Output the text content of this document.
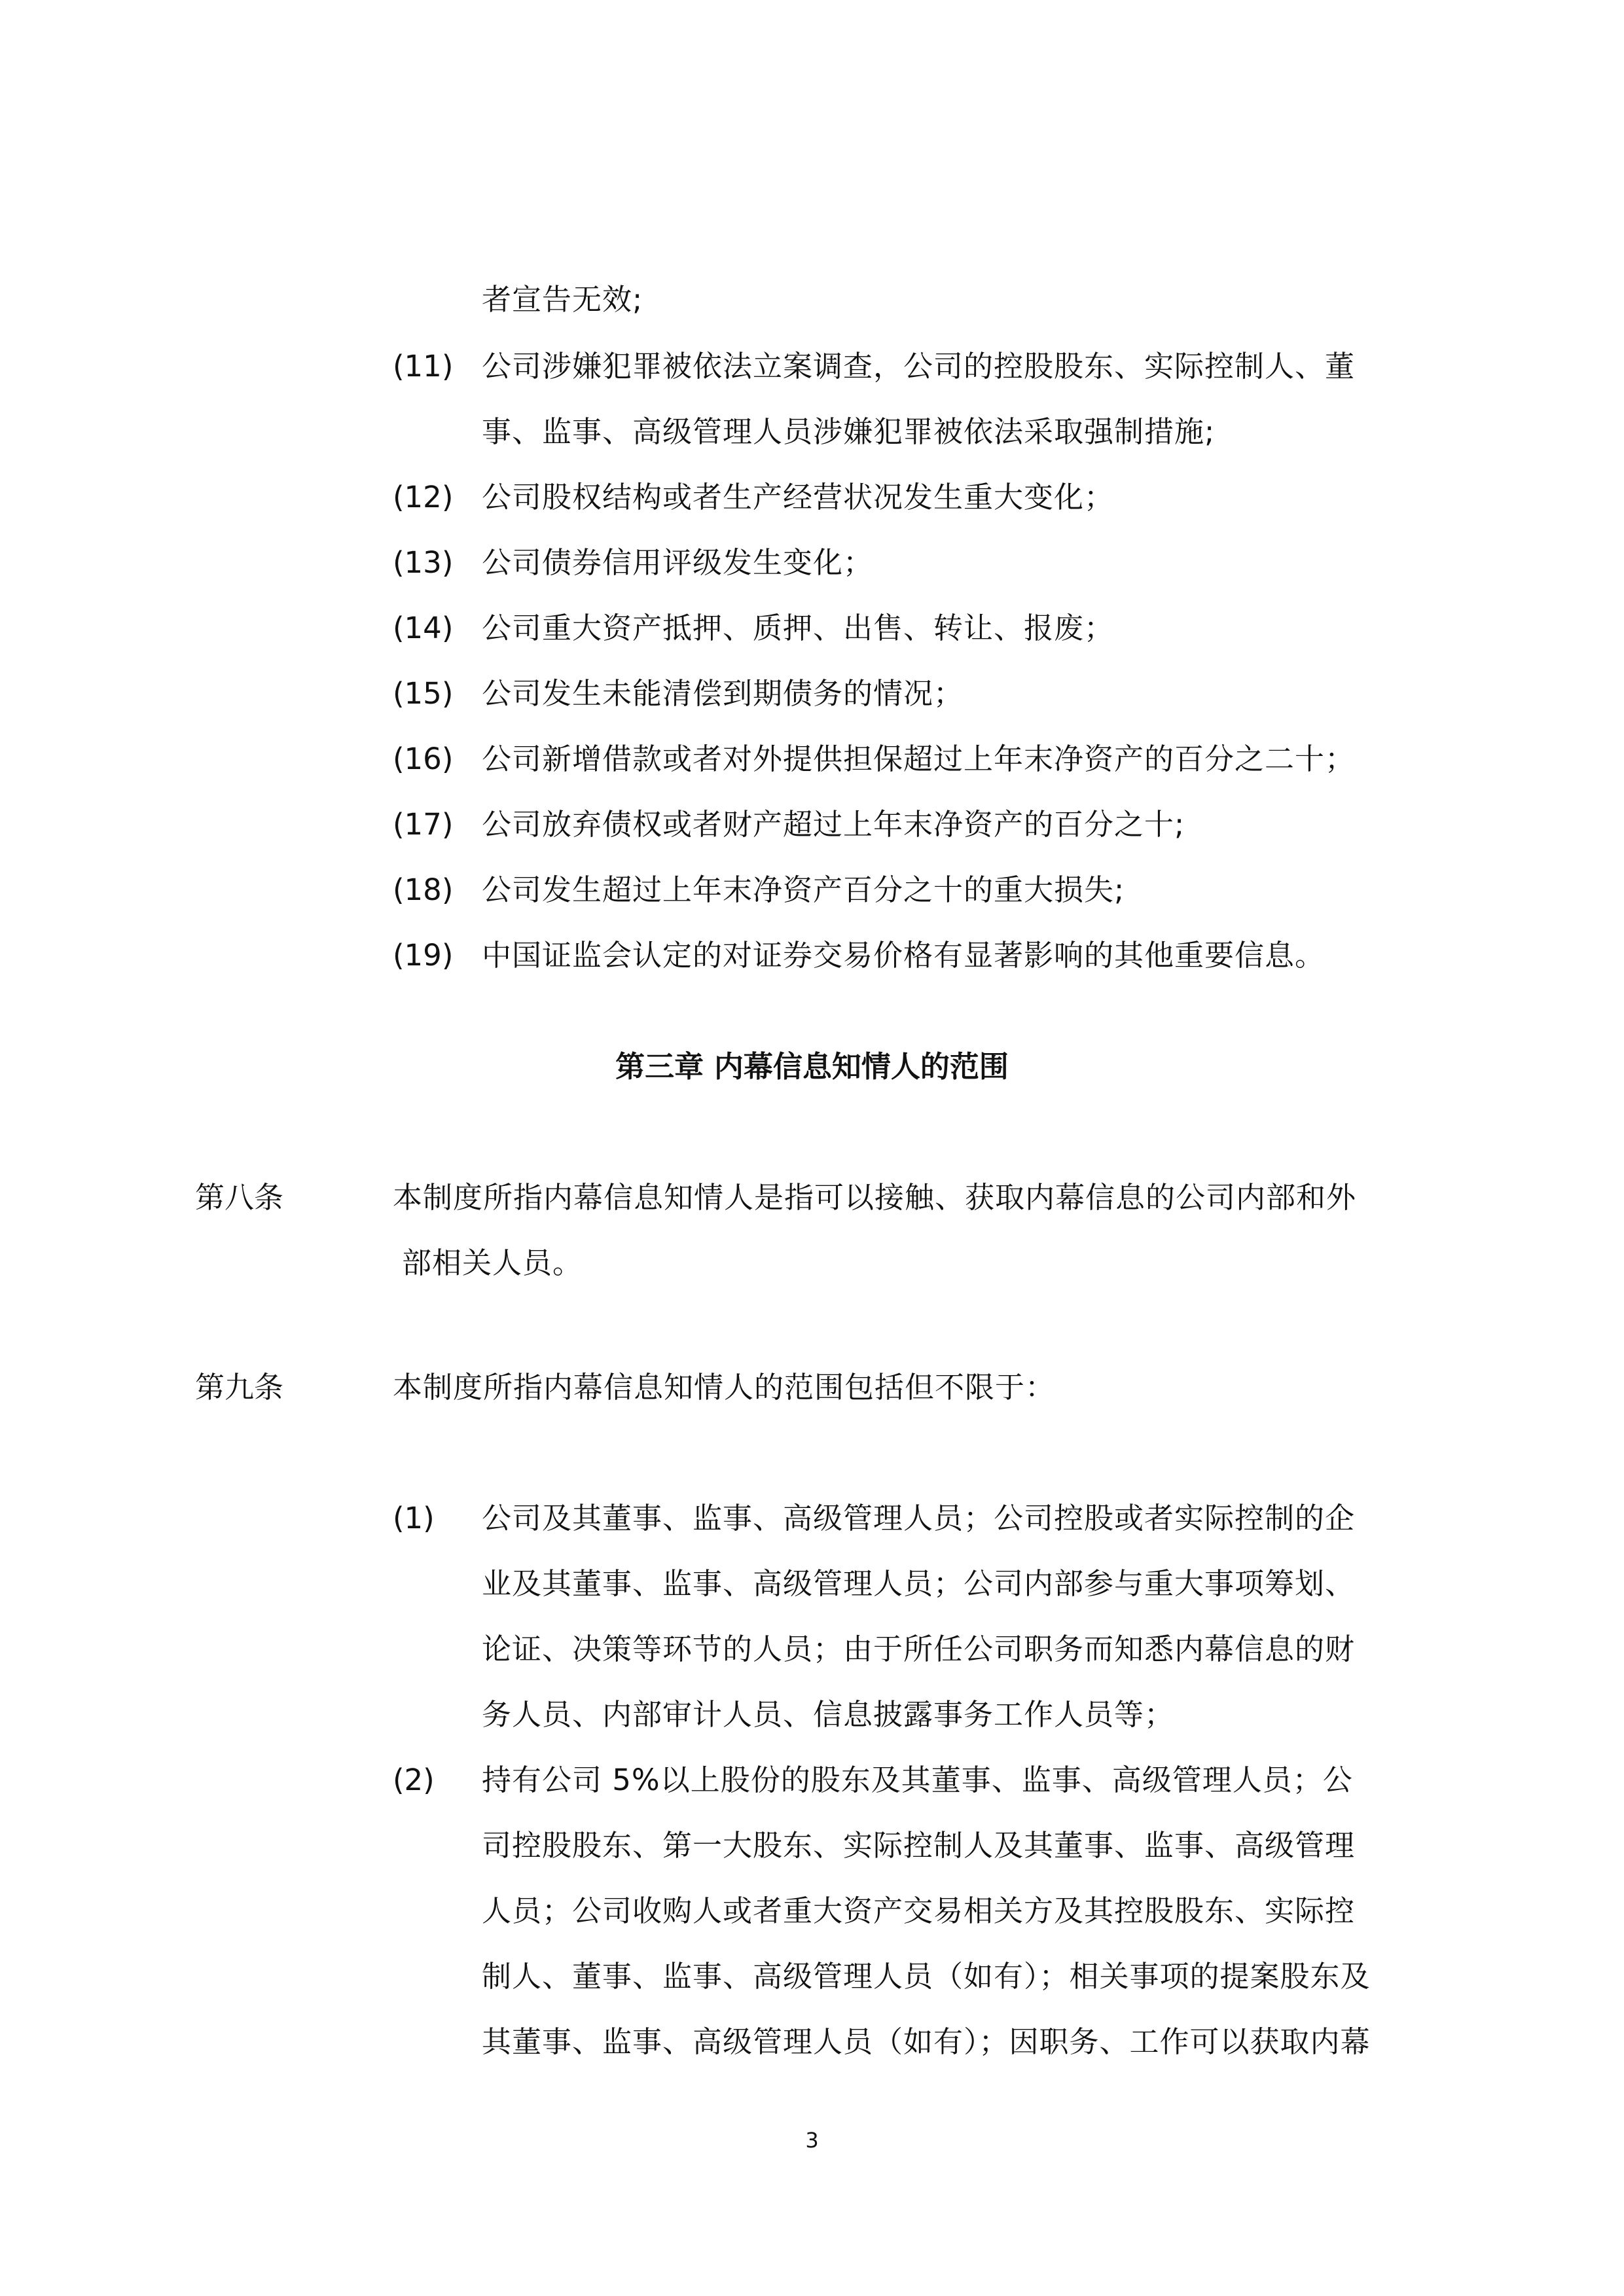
者宣告无效;
(11) 公司涉嫌犯罪被依法立案调查，公司的控股股东、实际控制人、董
事、监事、高级管理人员涉嫌犯罪被依法采取强制措施;
(12) 公司股权结构或者生产经营状况发生重大变化；
(13) 公司债券信用评级发生变化；
(14) 公司重大资产抵押、质押、出售、转让、报废；
(15) 公司发生未能清偿到期债务的情况；
(16) 公司新增借款或者对外提供担保超过上年末净资产的百分之二十；
(17) 公司放弃债权或者财产超过上年末净资产的百分之十;
(18) 公司发生超过上年末净资产百分之十的重大损失;
(19) 中国证监会认定的对证券交易价格有显著影响的其他重要信息。
第三章 内幕信息知情人的范围
第八条	本制度所指内幕信息知情人是指可以接触、获取内幕信息的公司内部和外
部相关人员。
第九条	本制度所指内幕信息知情人的范围包括但不限于：
(1) 公司及其董事、监事、高级管理人员；公司控股或者实际控制的企
业及其董事、监事、高级管理人员；公司内部参与重大事项筹划、
论证、决策等环节的人员；由于所任公司职务而知悉内幕信息的财
务人员、内部审计人员、信息披露事务工作人员等；
(2) 持有公司 5%以上股份的股东及其董事、监事、高级管理人员；公
司控股股东、第一大股东、实际控制人及其董事、监事、高级管理
人员；公司收购人或者重大资产交易相关方及其控股股东、实际控
制人、董事、监事、高级管理人员（如有）；相关事项的提案股东及
其董事、监事、高级管理人员（如有）；因职务、工作可以获取内幕
3
